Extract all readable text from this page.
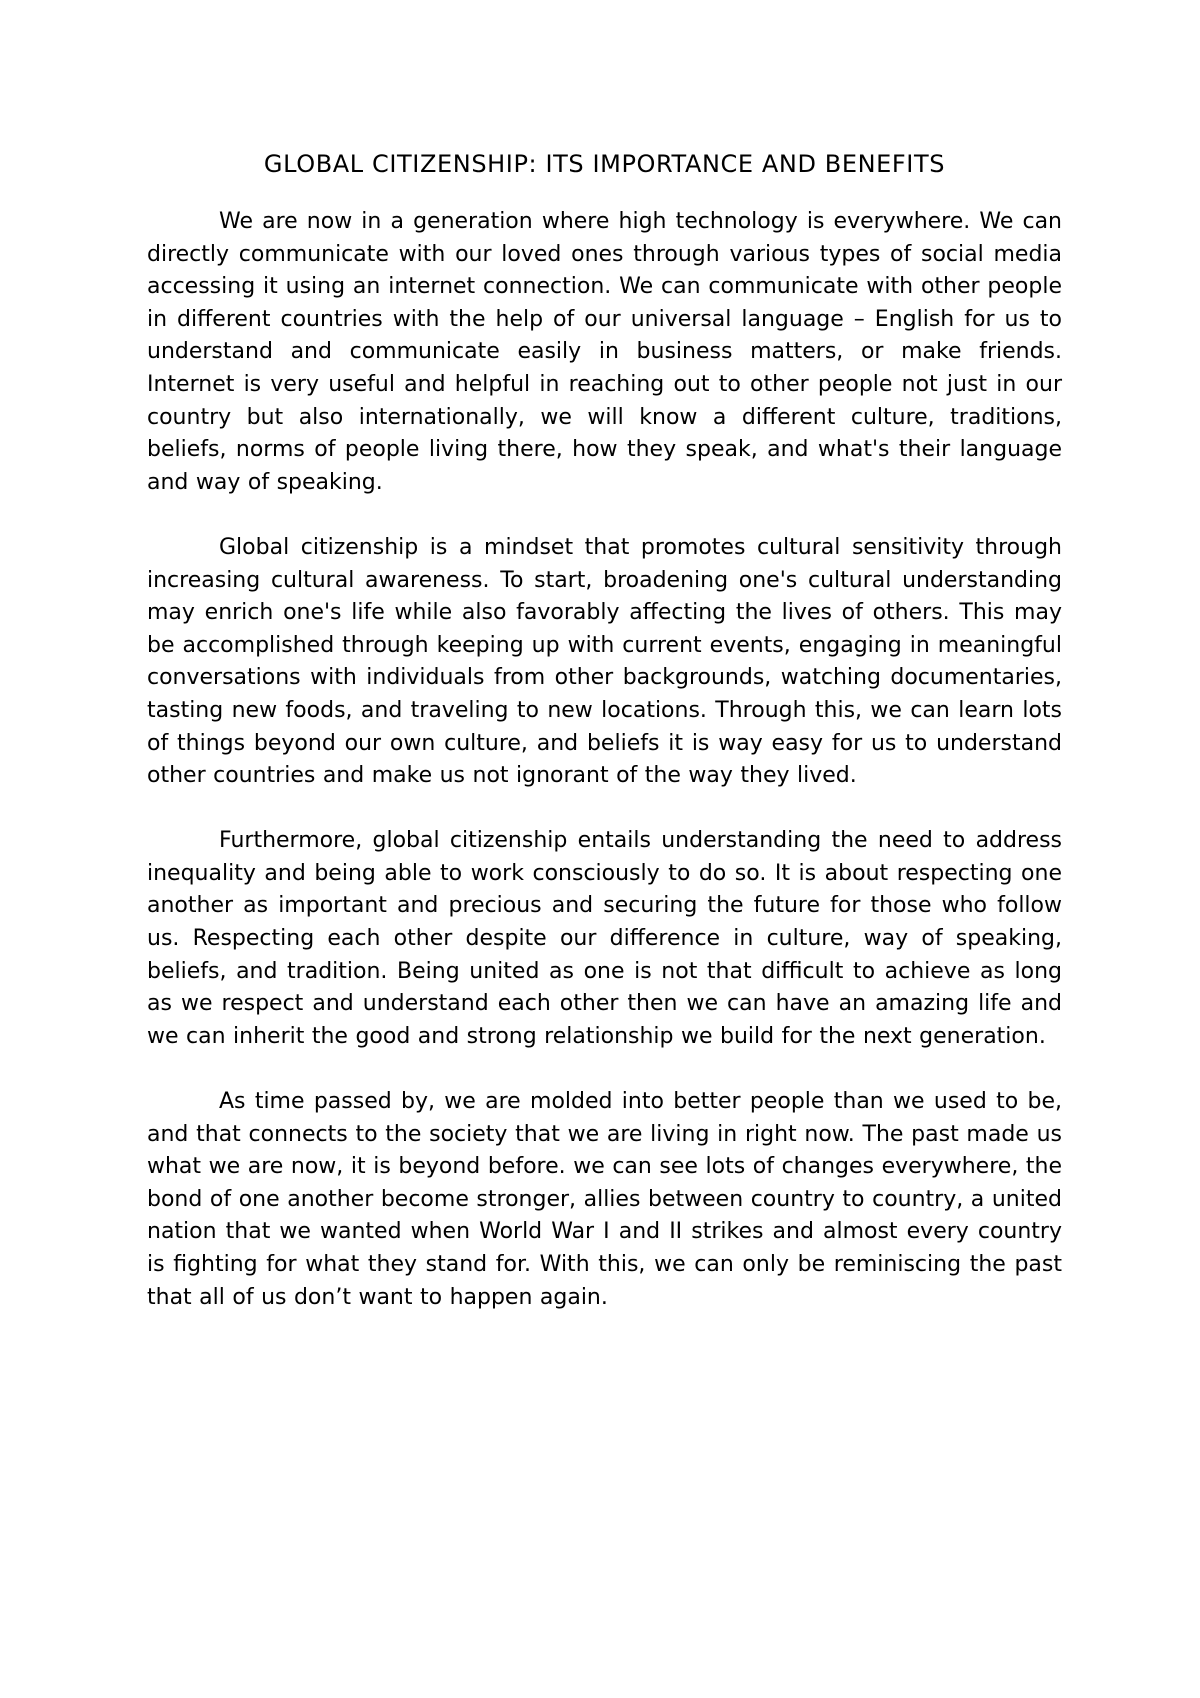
GLOBAL CITIZENSHIP: ITS IMPORTANCE AND BENEFITS

We are now in a generation where high technology is everywhere. We can directly communicate with our loved ones through various types of social media accessing it using an internet connection. We can communicate with other people in different countries with the help of our universal language – English for us to understand and communicate easily in business matters, or make friends. Internet is very useful and helpful in reaching out to other people not just in our country but also internationally, we will know a different culture, traditions, beliefs, norms of people living there, how they speak, and what's their language and way of speaking.

Global citizenship is a mindset that promotes cultural sensitivity through increasing cultural awareness. To start, broadening one's cultural understanding may enrich one's life while also favorably affecting the lives of others. This may be accomplished through keeping up with current events, engaging in meaningful conversations with individuals from other backgrounds, watching documentaries, tasting new foods, and traveling to new locations. Through this, we can learn lots of things beyond our own culture, and beliefs it is way easy for us to understand other countries and make us not ignorant of the way they lived.

Furthermore, global citizenship entails understanding the need to address inequality and being able to work consciously to do so. It is about respecting one another as important and precious and securing the future for those who follow us. Respecting each other despite our difference in culture, way of speaking, beliefs, and tradition. Being united as one is not that difficult to achieve as long as we respect and understand each other then we can have an amazing life and we can inherit the good and strong relationship we build for the next generation.

As time passed by, we are molded into better people than we used to be, and that connects to the society that we are living in right now. The past made us what we are now, it is beyond before. we can see lots of changes everywhere, the bond of one another become stronger, allies between country to country, a united nation that we wanted when World War I and II strikes and almost every country is fighting for what they stand for. With this, we can only be reminiscing the past that all of us don’t want to happen again.
